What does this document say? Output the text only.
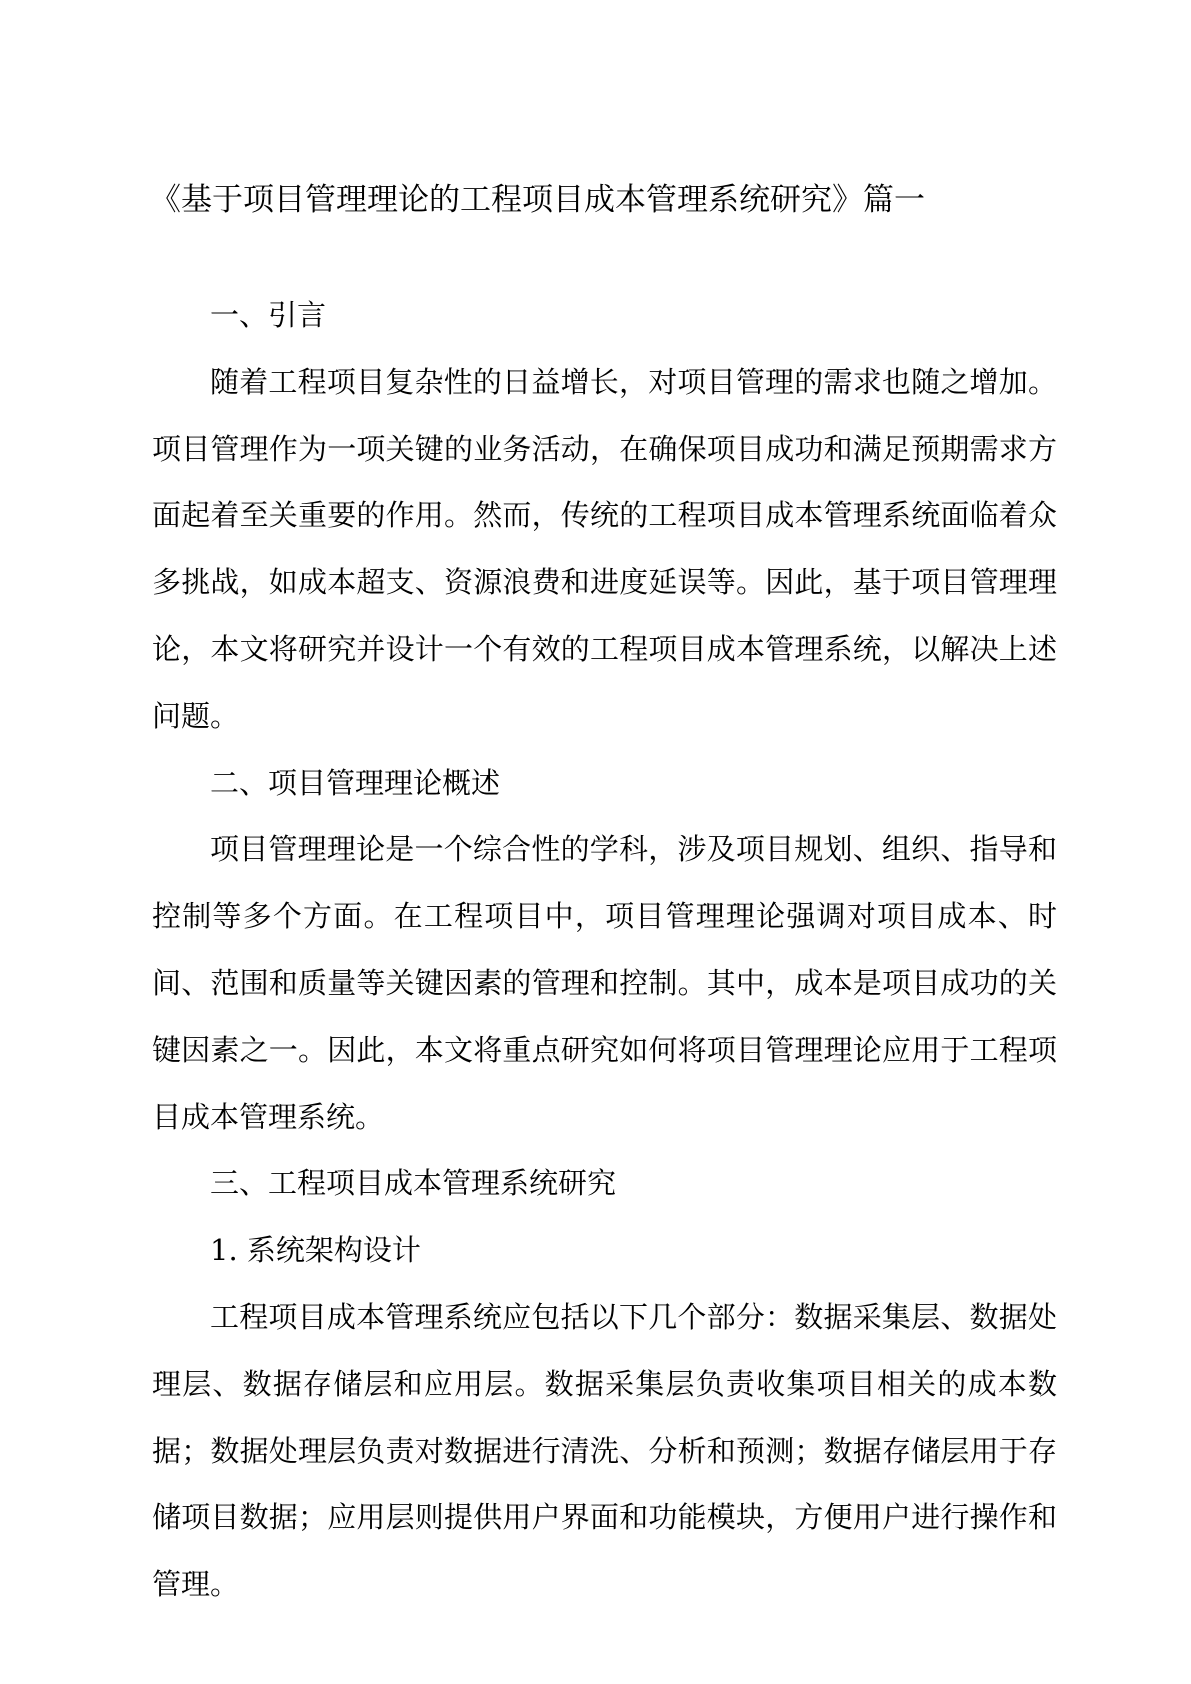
《基于项目管理理论的工程项目成本管理系统研究》篇一

一、引言

随着工程项目复杂性的日益增长，对项目管理的需求也随之增加。项目管理作为一项关键的业务活动，在确保项目成功和满足预期需求方面起着至关重要的作用。然而，传统的工程项目成本管理系统面临着众多挑战，如成本超支、资源浪费和进度延误等。因此，基于项目管理理论，本文将研究并设计一个有效的工程项目成本管理系统，以解决上述问题。

二、项目管理理论概述

项目管理理论是一个综合性的学科，涉及项目规划、组织、指导和控制等多个方面。在工程项目中，项目管理理论强调对项目成本、时间、范围和质量等关键因素的管理和控制。其中，成本是项目成功的关键因素之一。因此，本文将重点研究如何将项目管理理论应用于工程项目成本管理系统。

三、工程项目成本管理系统研究

1. 系统架构设计

工程项目成本管理系统应包括以下几个部分：数据采集层、数据处理层、数据存储层和应用层。数据采集层负责收集项目相关的成本数据；数据处理层负责对数据进行清洗、分析和预测；数据存储层用于存储项目数据；应用层则提供用户界面和功能模块，方便用户进行操作和管理。
